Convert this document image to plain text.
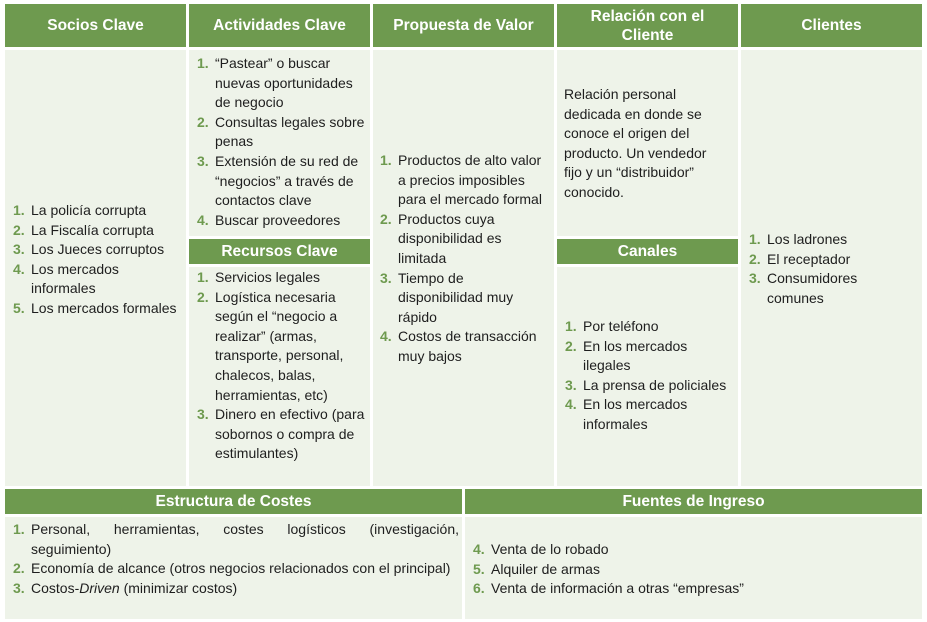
Socios Clave	Actividades Clave	Propuesta de Valor
Relación con el Cliente
Clientes
1. La policía corrupta
2. La Fiscalía corrupta
3. Los Jueces corruptos
4. Los mercados informales
5. Los mercados formales
1. “Pastear” o buscar nuevas oportunidades de negocio
2. Consultas legales sobre penas
3. Extensión de su red de “negocios” a través de contactos clave
4. Buscar proveedores
Recursos Clave
1. Servicios legales
2. Logística necesaria según el “negocio a realizar” (armas, transporte, personal, chalecos, balas, herramientas, etc)
3. Dinero en efectivo (para sobornos o compra de estimulantes)
1. Productos de alto valor a precios imposibles para el mercado formal
2. Productos cuya disponibilidad es limitada
3. Tiempo de disponibilidad muy rápido
4. Costos de transacción muy bajos

Relación personal dedicada en donde se conoce el origen del producto. Un vendedor fijo y un “distribuidor” conocido.

Canales
1. Por teléfono
2. En los mercados ilegales
3. La prensa de policiales
4. En los mercados informales
1. Los ladrones
2. El receptador
3. Consumidores comunes
Estructura de Costes	Fuentes de Ingreso
1. Personal, herramientas, costes logísticos (investigación, seguimiento)
2. Economía de alcance (otros negocios relacionados con el principal)
3. Costos-Driven (minimizar costos)
4. Venta de lo robado
5. Alquiler de armas
6. Venta de información a otras “empresas”
